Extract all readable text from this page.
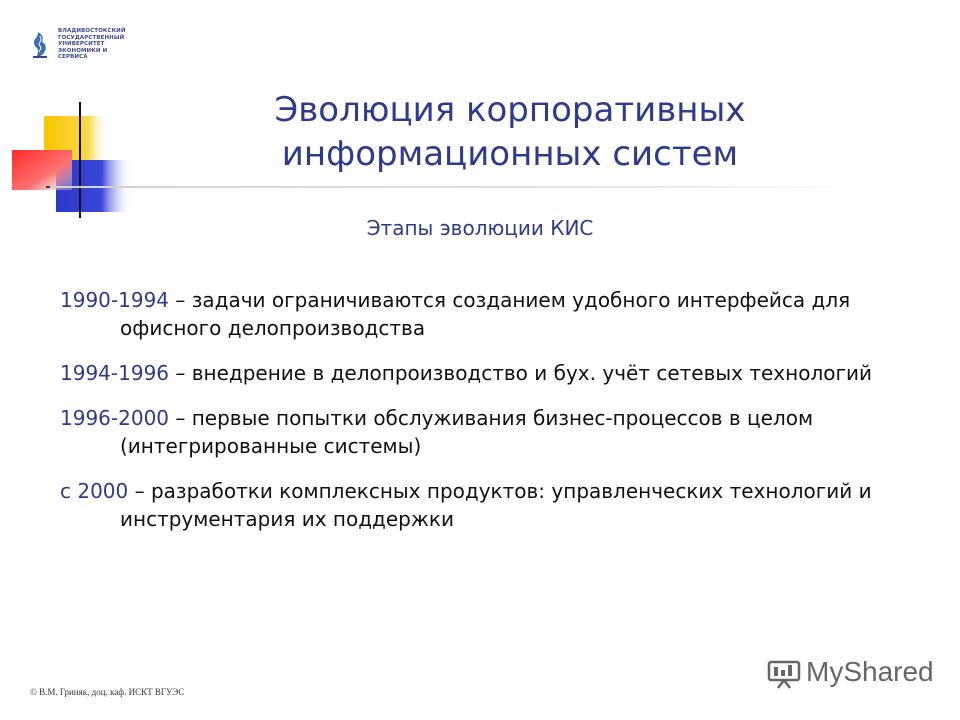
ВЛАДИВОСТОКСКИЙ
ГОСУДАРСТВЕННЫЙ
УНИВЕРСИТЕТ
ЭКОНОМИКИ И
СЕРВИСА
Эволюция корпоративных
информационных систем
Этапы эволюции КИС
1990-1994 – задачи ограничиваются созданием удобного интерфейса для офисного делопроизводства
1994-1996 – внедрение в делопроизводство и бух. учёт сетевых технологий
1996-2000 – первые попытки обслуживания бизнес-процессов в целом (интегрированные системы)
с 2000 – разработки комплексных продуктов: управленческих технологий и инструментария их поддержки
© В.М. Гриняк, доц. каф. ИСКТ ВГУЭС
MyShared
